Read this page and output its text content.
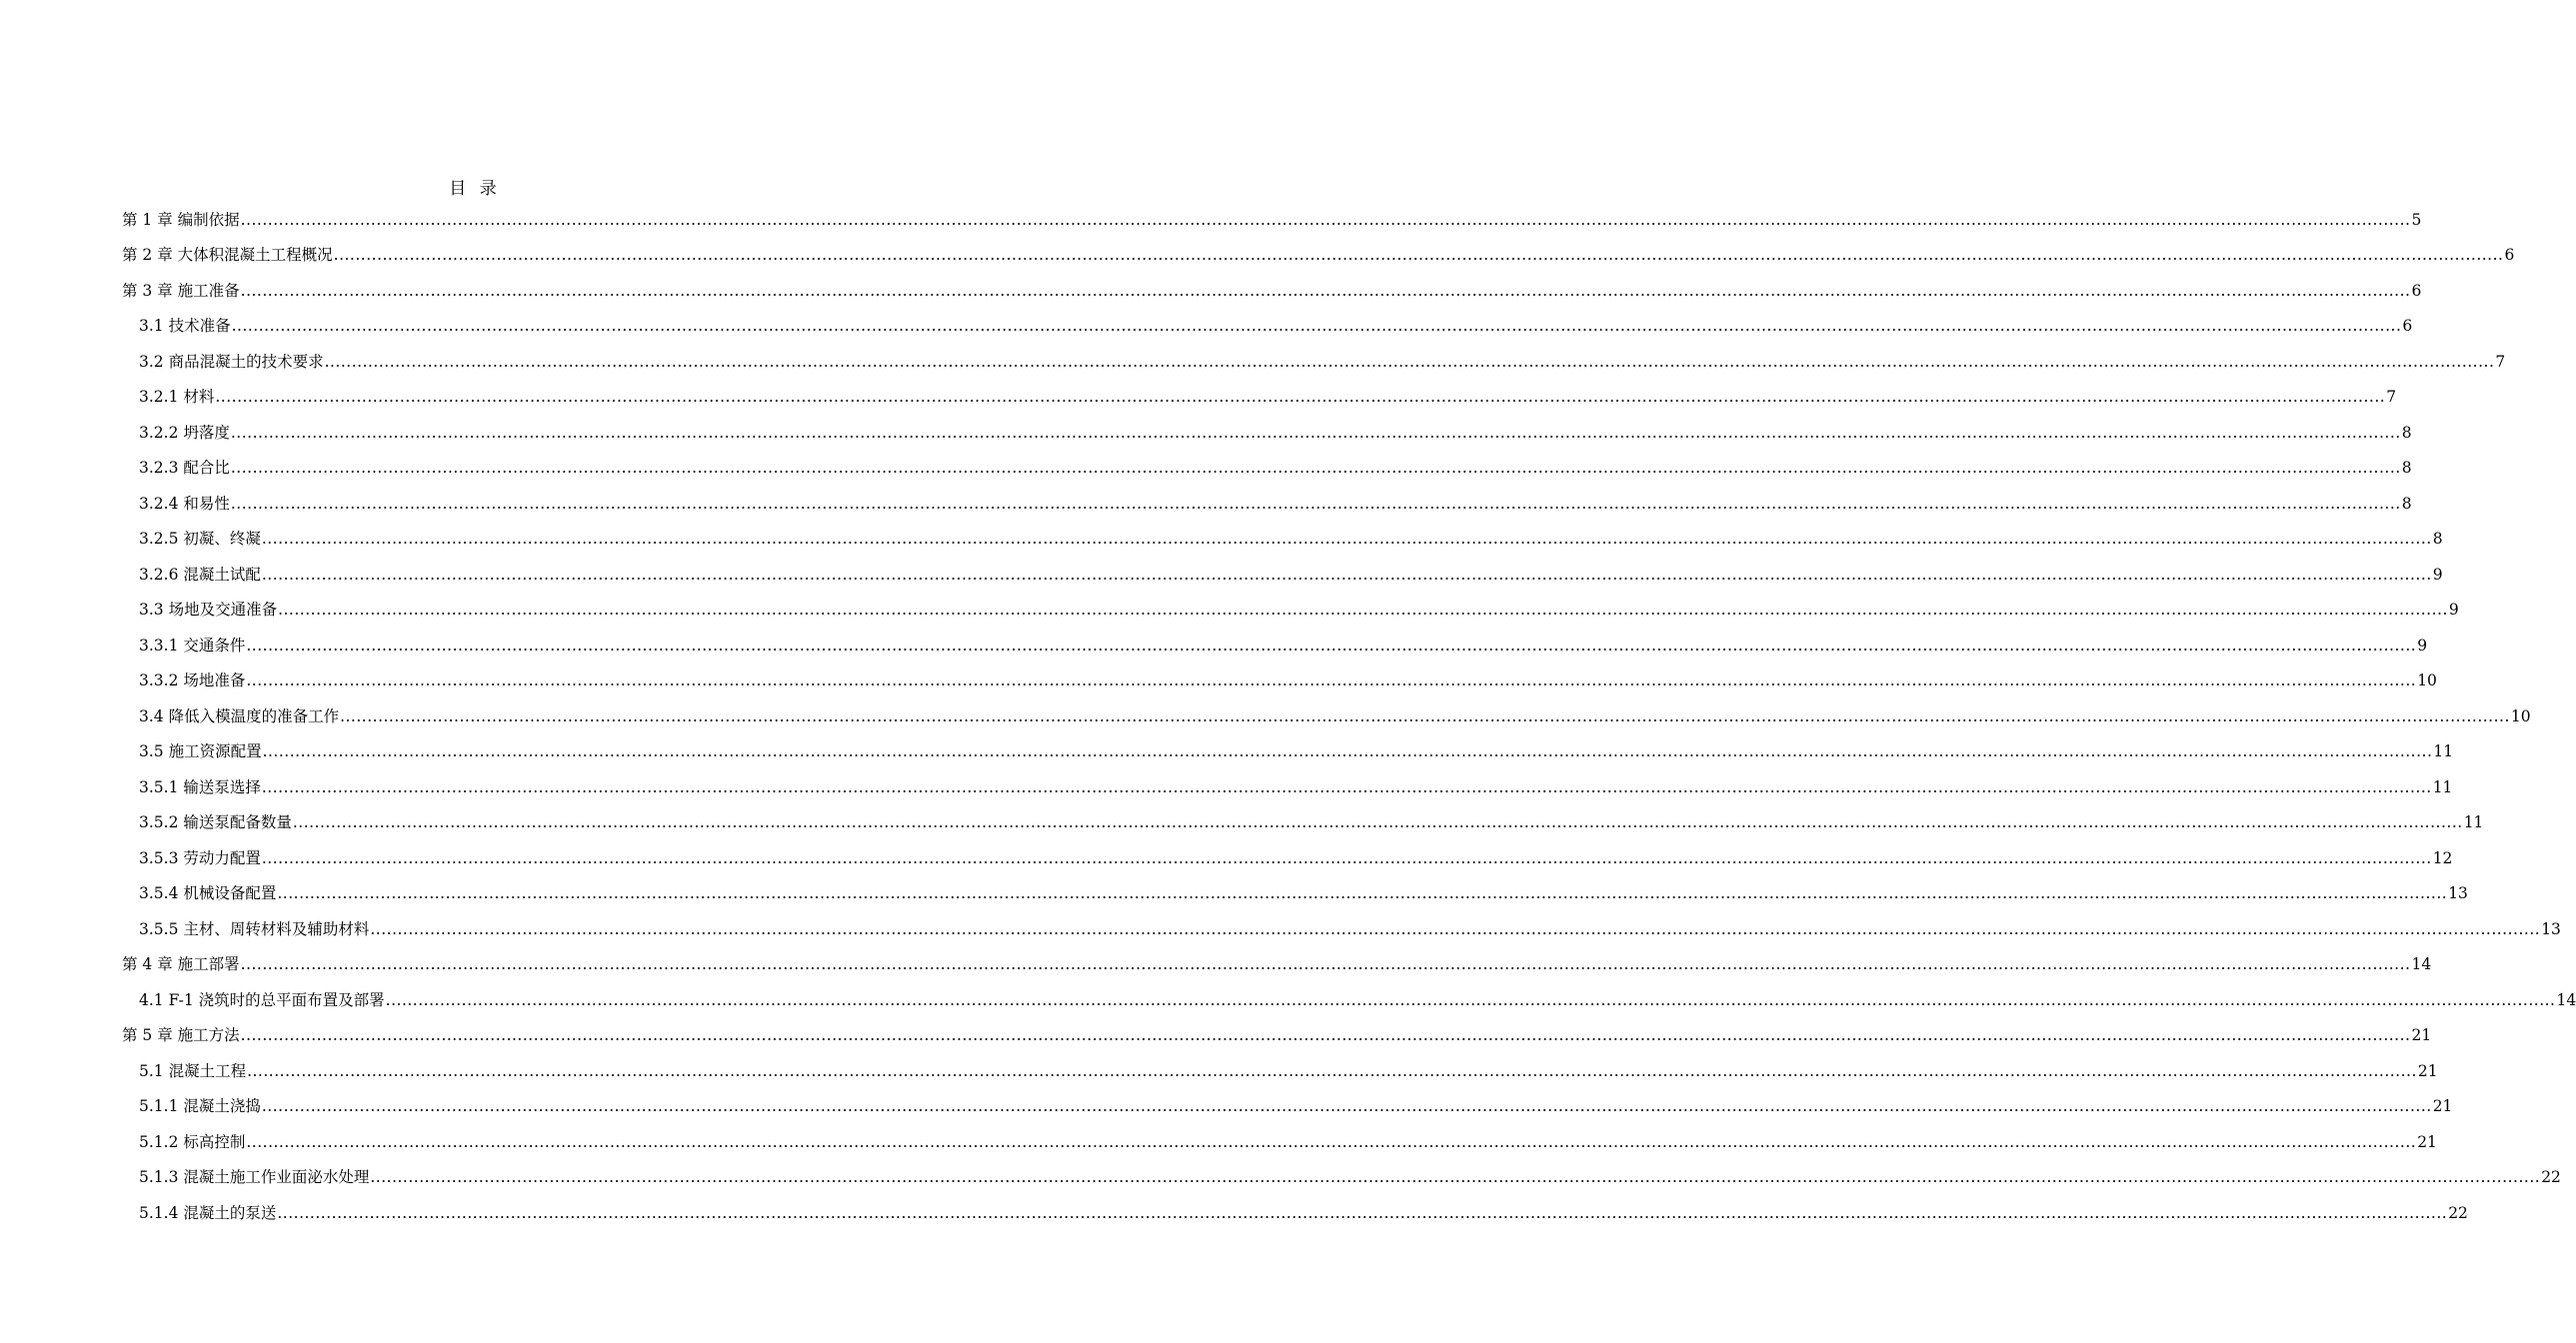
目 录
第 1 章 编制依据 ................................................................................................................................................................................................................................................................................................................................................................................................................ 5
第 2 章 大体积混凝土工程概况 ................................................................................................................................................................................................................................................................................................................................................................................................................ 6
第 3 章 施工准备 ................................................................................................................................................................................................................................................................................................................................................................................................................ 6
3.1 技术准备 ................................................................................................................................................................................................................................................................................................................................................................................................................ 6
3.2 商品混凝土的技术要求 ................................................................................................................................................................................................................................................................................................................................................................................................................ 7
3.2.1 材料 ................................................................................................................................................................................................................................................................................................................................................................................................................ 7
3.2.2 坍落度 ................................................................................................................................................................................................................................................................................................................................................................................................................ 8
3.2.3 配合比 ................................................................................................................................................................................................................................................................................................................................................................................................................ 8
3.2.4 和易性 ................................................................................................................................................................................................................................................................................................................................................................................................................ 8
3.2.5 初凝、终凝 ................................................................................................................................................................................................................................................................................................................................................................................................................ 8
3.2.6 混凝土试配 ................................................................................................................................................................................................................................................................................................................................................................................................................ 9
3.3 场地及交通准备 ................................................................................................................................................................................................................................................................................................................................................................................................................ 9
3.3.1 交通条件 ................................................................................................................................................................................................................................................................................................................................................................................................................ 9
3.3.2 场地准备 ................................................................................................................................................................................................................................................................................................................................................................................................................ 10
3.4 降低入模温度的准备工作 ................................................................................................................................................................................................................................................................................................................................................................................................................ 10
3.5 施工资源配置 ................................................................................................................................................................................................................................................................................................................................................................................................................ 11
3.5.1 输送泵选择 ................................................................................................................................................................................................................................................................................................................................................................................................................ 11
3.5.2 输送泵配备数量 ................................................................................................................................................................................................................................................................................................................................................................................................................ 11
3.5.3 劳动力配置 ................................................................................................................................................................................................................................................................................................................................................................................................................ 12
3.5.4 机械设备配置 ................................................................................................................................................................................................................................................................................................................................................................................................................ 13
3.5.5 主材、周转材料及辅助材料 ................................................................................................................................................................................................................................................................................................................................................................................................................ 13
第 4 章 施工部署 ................................................................................................................................................................................................................................................................................................................................................................................................................ 14
4.1 F-1 浇筑时的总平面布置及部署 ................................................................................................................................................................................................................................................................................................................................................................................................................ 14
第 5 章 施工方法 ................................................................................................................................................................................................................................................................................................................................................................................................................ 21
5.1 混凝土工程 ................................................................................................................................................................................................................................................................................................................................................................................................................ 21
5.1.1 混凝土浇捣 ................................................................................................................................................................................................................................................................................................................................................................................................................ 21
5.1.2 标高控制 ................................................................................................................................................................................................................................................................................................................................................................................................................ 21
5.1.3 混凝土施工作业面泌水处理 ................................................................................................................................................................................................................................................................................................................................................................................................................ 22
5.1.4 混凝土的泵送 ................................................................................................................................................................................................................................................................................................................................................................................................................ 22
